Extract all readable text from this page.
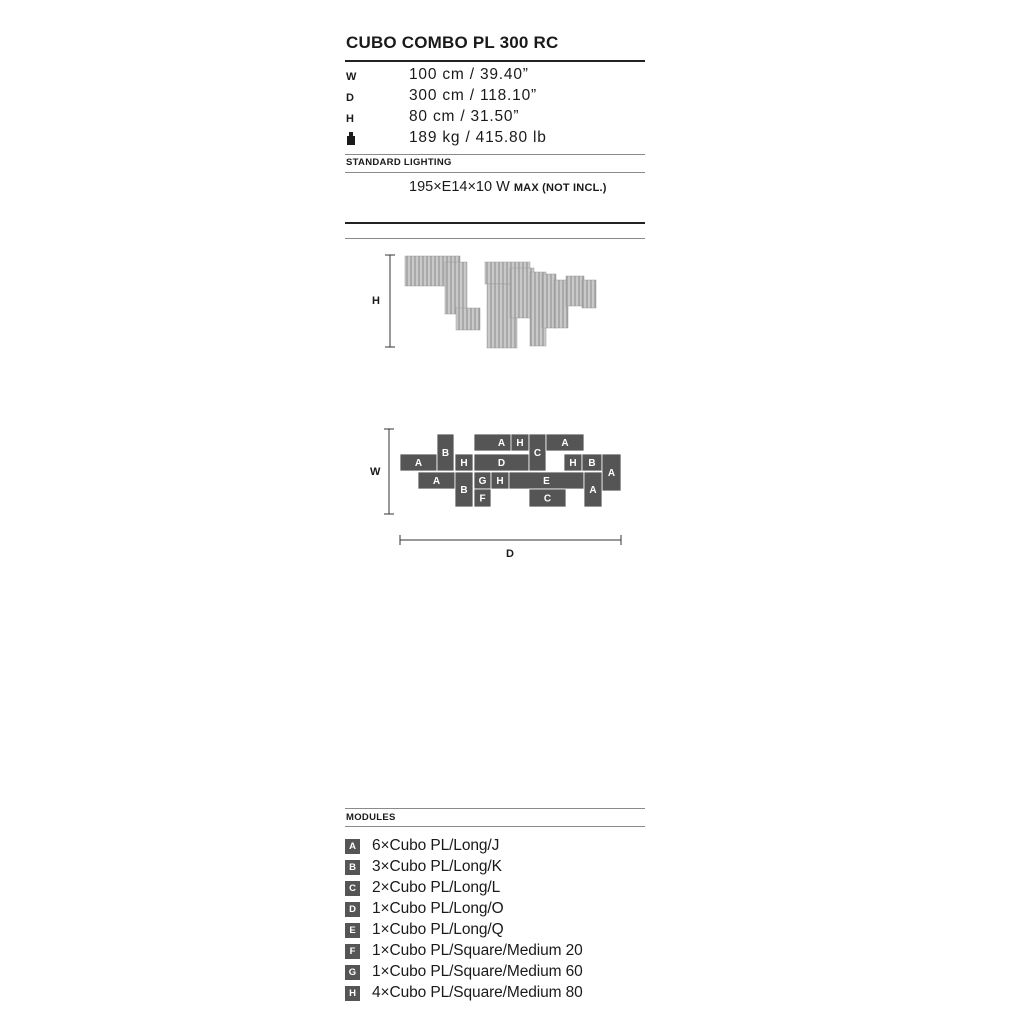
CUBO COMBO PL 300 RC
W	100 cm / 39.40”
D	300 cm / 118.10”
H	80 cm / 31.50”
189 kg / 415.80 lb
STANDARD LIGHTING
195×E14×10 W MAX (NOT INCL.)
H
A
B
H
A H
D
C
A
H B
A
A
B
G H	E
F	C
A
W
D
MODULES
A 6×Cubo PL/Long/J
B 3×Cubo PL/Long/K
C 2×Cubo PL/Long/L
D 1×Cubo PL/Long/O
E 1×Cubo PL/Long/Q
F 1×Cubo PL/Square/Medium 20
G 1×Cubo PL/Square/Medium 60
H 4×Cubo PL/Square/Medium 80
